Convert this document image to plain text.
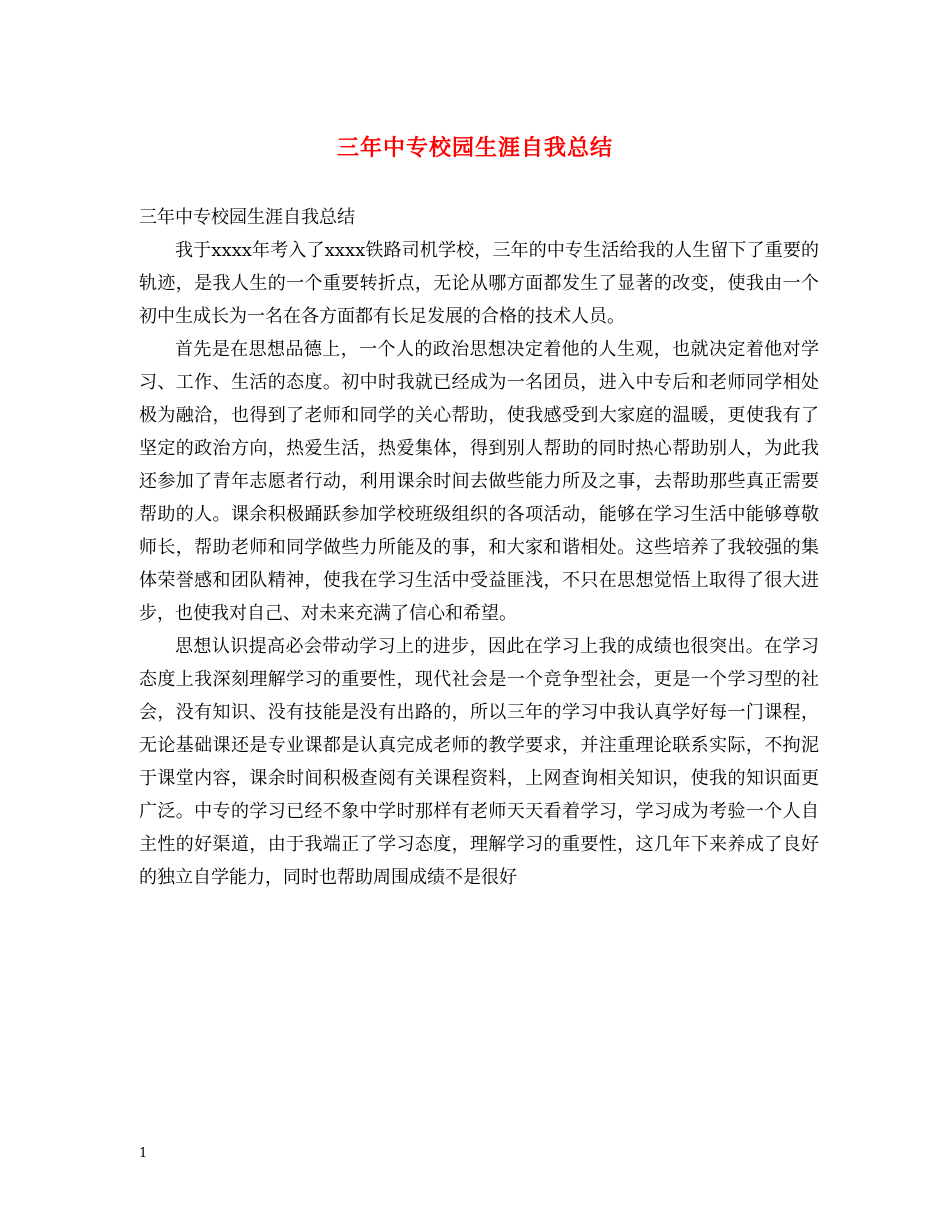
三年中专校园生涯自我总结
三年中专校园生涯自我总结

我于xxxx年考入了xxxx铁路司机学校，三年的中专生活给我的人生留下了重要的轨迹，是我人生的一个重要转折点，无论从哪方面都发生了显著的改变，使我由一个初中生成长为一名在各方面都有长足发展的合格的技术人员。

首先是在思想品德上，一个人的政治思想决定着他的人生观，也就决定着他对学习、工作、生活的态度。初中时我就已经成为一名团员，进入中专后和老师同学相处极为融洽，也得到了老师和同学的关心帮助，使我感受到大家庭的温暖，更使我有了坚定的政治方向，热爱生活，热爱集体，得到别人帮助的同时热心帮助别人，为此我还参加了青年志愿者行动，利用课余时间去做些能力所及之事，去帮助那些真正需要帮助的人。课余积极踊跃参加学校班级组织的各项活动，能够在学习生活中能够尊敬师长，帮助老师和同学做些力所能及的事，和大家和谐相处。这些培养了我较强的集体荣誉感和团队精神，使我在学习生活中受益匪浅，不只在思想觉悟上取得了很大进步，也使我对自己、对未来充满了信心和希望。

思想认识提高必会带动学习上的进步，因此在学习上我的成绩也很突出。在学习态度上我深刻理解学习的重要性，现代社会是一个竞争型社会，更是一个学习型的社会，没有知识、没有技能是没有出路的，所以三年的学习中我认真学好每一门课程，无论基础课还是专业课都是认真完成老师的教学要求，并注重理论联系实际，不拘泥于课堂内容，课余时间积极查阅有关课程资料，上网查询相关知识，使我的知识面更广泛。中专的学习已经不象中学时那样有老师天天看着学习，学习成为考验一个人自主性的好渠道，由于我端正了学习态度，理解学习的重要性，这几年下来养成了良好的独立自学能力，同时也帮助周围成绩不是很好

1
